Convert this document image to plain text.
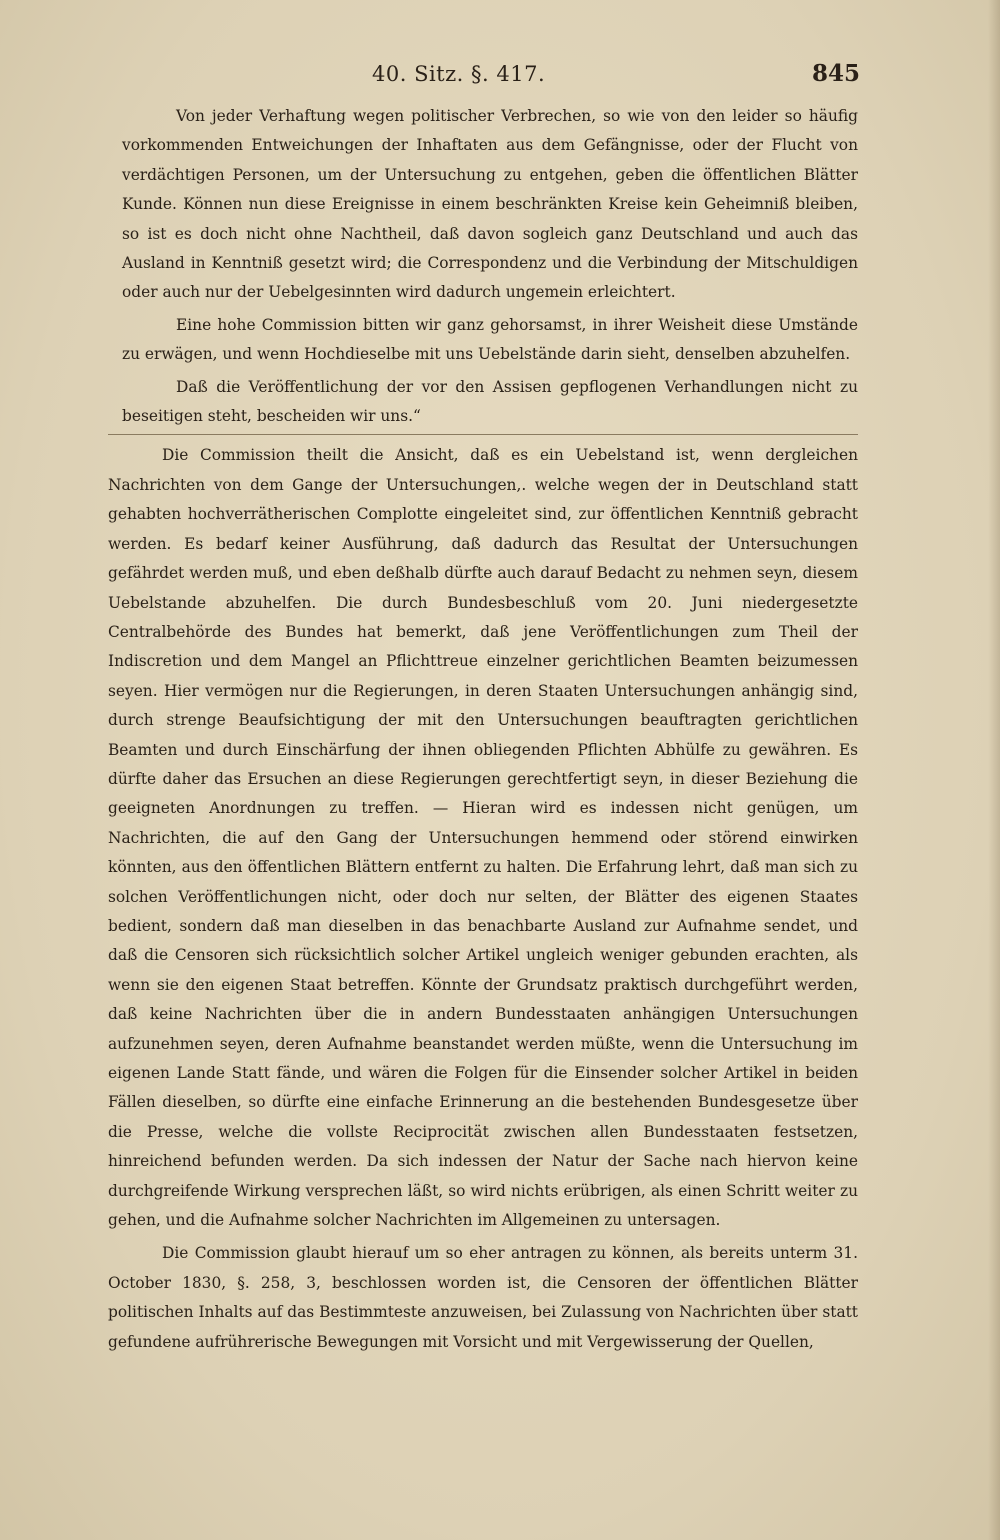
40. Sitz. §. 417.	845

Von jeder Verhaftung wegen politischer Verbrechen, so wie von den leider so häufig vorkommenden Entweichungen der Inhaftaten aus dem Gefängnisse, oder der Flucht von verdächtigen Personen, um der Untersuchung zu entgehen, geben die öffentlichen Blätter Kunde. Können nun diese Ereignisse in einem beschränkten Kreise kein Geheimniß bleiben, so ist es doch nicht ohne Nachtheil, daß davon sogleich ganz Deutschland und auch das Ausland in Kenntniß gesetzt wird; die Correspondenz und die Verbindung der Mitschuldigen oder auch nur der Uebelgesinnten wird dadurch ungemein erleichtert.

Eine hohe Commission bitten wir ganz gehorsamst, in ihrer Weisheit diese Umstände zu erwägen, und wenn Hochdieselbe mit uns Uebelstände darin sieht, denselben abzuhelfen.

Daß die Veröffentlichung der vor den Assisen gepflogenen Verhandlungen nicht zu beseitigen steht, bescheiden wir uns.“

Die Commission theilt die Ansicht, daß es ein Uebelstand ist, wenn dergleichen Nachrichten von dem Gange der Untersuchungen,. welche wegen der in Deutschland statt gehabten hochverrätherischen Complotte eingeleitet sind, zur öffentlichen Kenntniß gebracht werden. Es bedarf keiner Ausführung, daß dadurch das Resultat der Untersuchungen gefährdet werden muß, und eben deßhalb dürfte auch darauf Bedacht zu nehmen seyn, diesem Uebelstande abzuhelfen. Die durch Bundesbeschluß vom 20. Juni niedergesetzte Centralbehörde des Bundes hat bemerkt, daß jene Veröffentlichungen zum Theil der Indiscretion und dem Mangel an Pflichttreue einzelner gerichtlichen Beamten beizumessen seyen. Hier vermögen nur die Regierungen, in deren Staaten Untersuchungen anhängig sind, durch strenge Beaufsichtigung der mit den Untersuchungen beauftragten gerichtlichen Beamten und durch Einschärfung der ihnen obliegenden Pflichten Abhülfe zu gewähren. Es dürfte daher das Ersuchen an diese Regierungen gerechtfertigt seyn, in dieser Beziehung die geeigneten Anordnungen zu treffen. — Hieran wird es indessen nicht genügen, um Nachrichten, die auf den Gang der Untersuchungen hemmend oder störend einwirken könnten, aus den öffentlichen Blättern entfernt zu halten. Die Erfahrung lehrt, daß man sich zu solchen Veröffentlichungen nicht, oder doch nur selten, der Blätter des eigenen Staates bedient, sondern daß man dieselben in das benachbarte Ausland zur Aufnahme sendet, und daß die Censoren sich rücksichtlich solcher Artikel ungleich weniger gebunden erachten, als wenn sie den eigenen Staat betreffen. Könnte der Grundsatz praktisch durchgeführt werden, daß keine Nachrichten über die in andern Bundesstaaten anhängigen Untersuchungen aufzunehmen seyen, deren Aufnahme beanstandet werden müßte, wenn die Untersuchung im eigenen Lande Statt fände, und wären die Folgen für die Einsender solcher Artikel in beiden Fällen dieselben, so dürfte eine einfache Erinnerung an die bestehenden Bundesgesetze über die Presse, welche die vollste Reciprocität zwischen allen Bundesstaaten festsetzen, hinreichend befunden werden. Da sich indessen der Natur der Sache nach hiervon keine durchgreifende Wirkung versprechen läßt, so wird nichts erübrigen, als einen Schritt weiter zu gehen, und die Aufnahme solcher Nachrichten im Allgemeinen zu untersagen.

Die Commission glaubt hierauf um so eher antragen zu können, als bereits unterm 31. October 1830, §. 258, 3, beschlossen worden ist, die Censoren der öffentlichen Blätter politischen Inhalts auf das Bestimmteste anzuweisen, bei Zulassung von Nachrichten über statt gefundene aufrührerische Bewegungen mit Vorsicht und mit Vergewisserung der Quellen,
